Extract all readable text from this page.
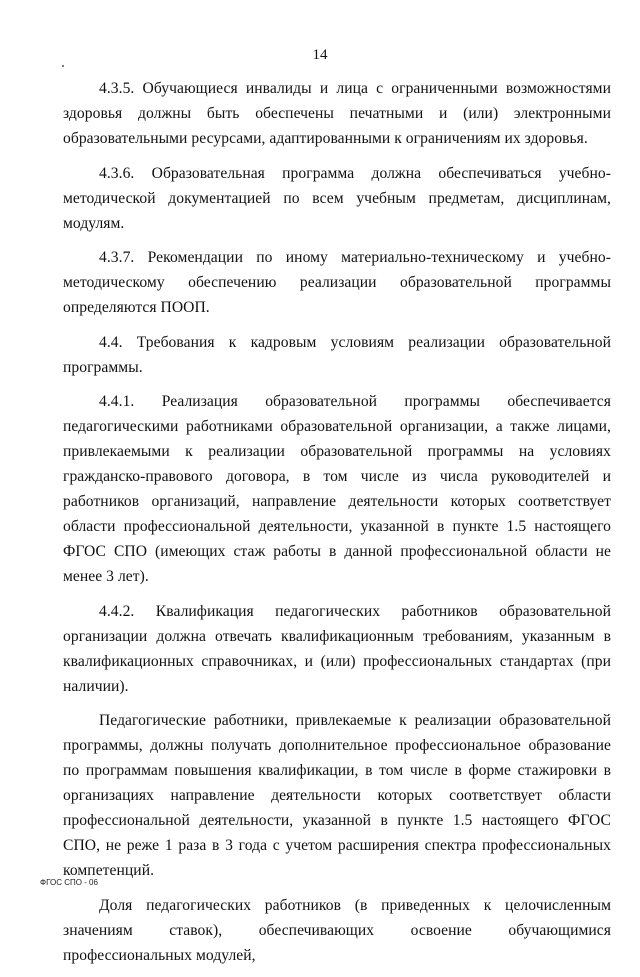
14

4.3.5. Обучающиеся инвалиды и лица с ограниченными возможностями здоровья должны быть обеспечены печатными и (или) электронными образовательными ресурсами, адаптированными к ограничениям их здоровья.

4.3.6. Образовательная программа должна обеспечиваться учебно-методической документацией по всем учебным предметам, дисциплинам, модулям.

4.3.7. Рекомендации по иному материально-техническому и учебно-методическому обеспечению реализации образовательной программы определяются ПООП.

4.4. Требования к кадровым условиям реализации образовательной программы.

4.4.1. Реализация образовательной программы обеспечивается педагогическими работниками образовательной организации, а также лицами, привлекаемыми к реализации образовательной программы на условиях гражданско-правового договора, в том числе из числа руководителей и работников организаций, направление деятельности которых соответствует области профессиональной деятельности, указанной в пункте 1.5 настоящего ФГОС СПО (имеющих стаж работы в данной профессиональной области не менее 3 лет).

4.4.2. Квалификация педагогических работников образовательной организации должна отвечать квалификационным требованиям, указанным в квалификационных справочниках, и (или) профессиональных стандартах (при наличии).

Педагогические работники, привлекаемые к реализации образовательной программы, должны получать дополнительное профессиональное образование по программам повышения квалификации, в том числе в форме стажировки в организациях направление деятельности которых соответствует области профессиональной деятельности, указанной в пункте 1.5 настоящего ФГОС СПО, не реже 1 раза в 3 года с учетом расширения спектра профессиональных компетенций.

Доля педагогических работников (в приведенных к целочисленным значениям ставок), обеспечивающих освоение обучающимися профессиональных модулей,

ФГОС СПО - 06
